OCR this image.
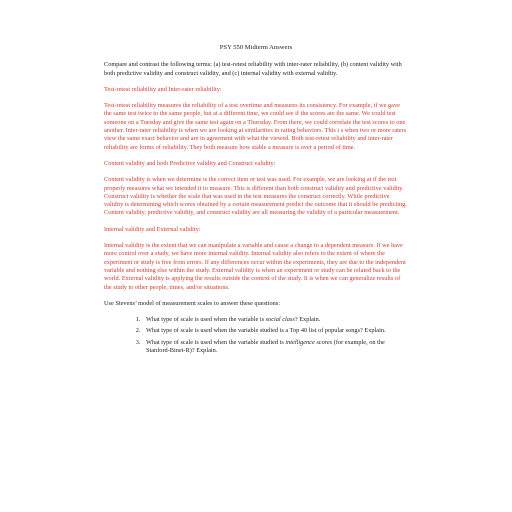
PSY 550 Midterm Answers

Compare and contrast the following terms: (a) test-retest reliability with inter-rater reliability, (b) content validity with both predictive validity and construct validity, and (c) internal validity with external validity.

Test-retest reliability and Inter-rater reliability:

Test-retest reliability measures the reliability of a test overtime and measures its consistency. For example, if we gave the same test twice to the same people, but at a different time, we could see if the scores are the same. We could test someone on a Tuesday and give the same test again on a Thursday. From there, we could correlate the test scores to one another. Inter-rater reliability is when we are looking at similarities in rating behaviors. This i s when two or more raters view the same exact behavior and are in agreement with what the viewed. Both test-retest reliability and inter-rater reliability are forms of reliability. They both measure how stable a measure is over a period of time.

Content validity and both Predictive validity and Construct validity:

Content validity is when we determine is the correct item or test was used. For example, we are looking at if the test properly measures what we intended it to measure. This is different than both construct validity and predictive validity. Construct validity is whether the scale that was used in the test measures the construct correctly. While predictive validity is determining which scores obtained by a certain measurement predict the outcome that it should be predicting. Content validity, predictive validity, and construct validity are all measuring the validity of a particular measurement.

Internal validity and External validity:

Internal validity is the extent that we can manipulate a variable and cause a change to a dependent measure. If we have more control over a study, we have more internal validity. Internal validity also refers to the extent of where the experiment or study is free from errors. If any differences occur within the experiments, they are due to the independent variable and nothing else within the study. External validity is when an experiment or study can be related back to the world. External validity is applying the results outside the context of the study. It is when we can generalize results of the study to other people, times, and/or situations.

Use Stevens’ model of measurement scales to answer these questions:

1. What type of scale is used when the variable is social class? Explain.
2. What type of scale is used when the variable studied is a Top 40 list of popular songs? Explain.
3. What type of scale is used when the variable studied is intelligence scores (for example, on the Stanford-Binet-R)? Explain.
